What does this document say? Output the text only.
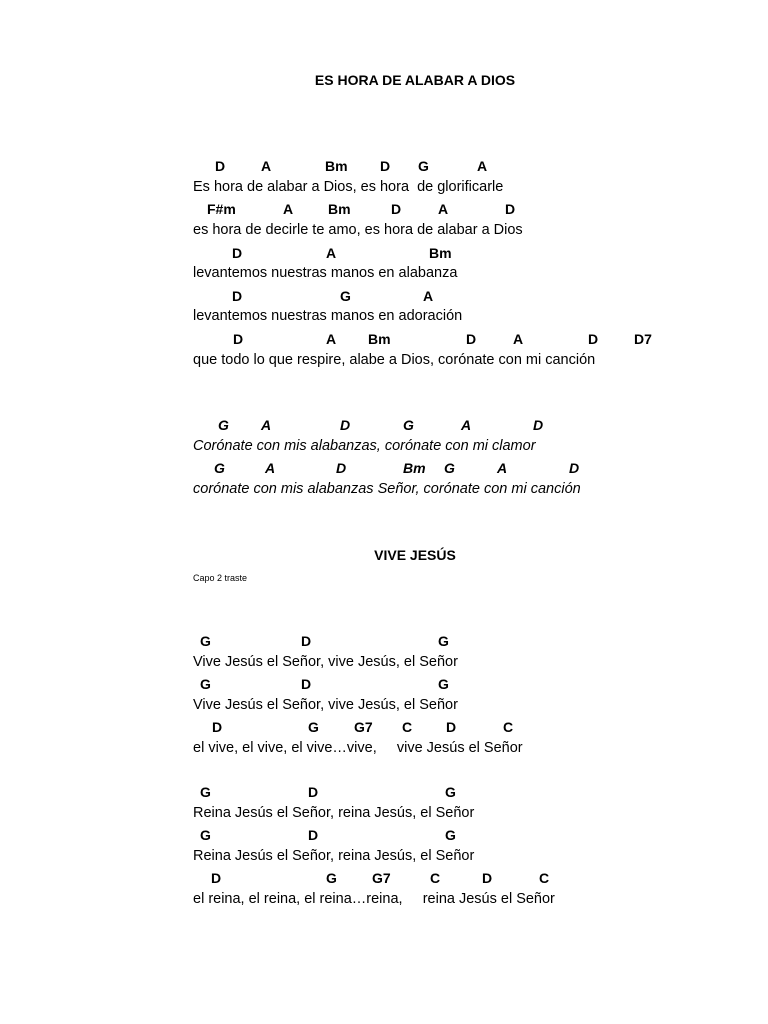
ES HORA DE ALABAR A DIOS
D	A	Bm D G	A
Es hora de alabar a Dios, es hora  de glorificarle
F#m	A Bm	D	A	D
es hora de decirle te amo, es hora de alabar a Dios
D	A	Bm
levantemos nuestras manos en alabanza
D	G	A
levantemos nuestras manos en adoración
D	A Bm	D	A	D	D7
que todo lo que respire, alabe a Dios, corónate con mi canción
G A	D	G	A	D
Corónate con mis alabanzas, corónate con mi clamor
G	A	D	Bm G	A	D
corónate con mis alabanzas Señor, corónate con mi canción
VIVE JESÚS
Capo 2 traste
G	D	G
Vive Jesús el Señor, vive Jesús, el Señor
G	D	G
Vive Jesús el Señor, vive Jesús, el Señor
D	G	G7 C D	C
el vive, el vive, el vive…vive,     vive Jesús el Señor
G	D	G
Reina Jesús el Señor, reina Jesús, el Señor
G	D	G
Reina Jesús el Señor, reina Jesús, el Señor
D	G	G7	C	D	C
el reina, el reina, el reina…reina,     reina Jesús el Señor
